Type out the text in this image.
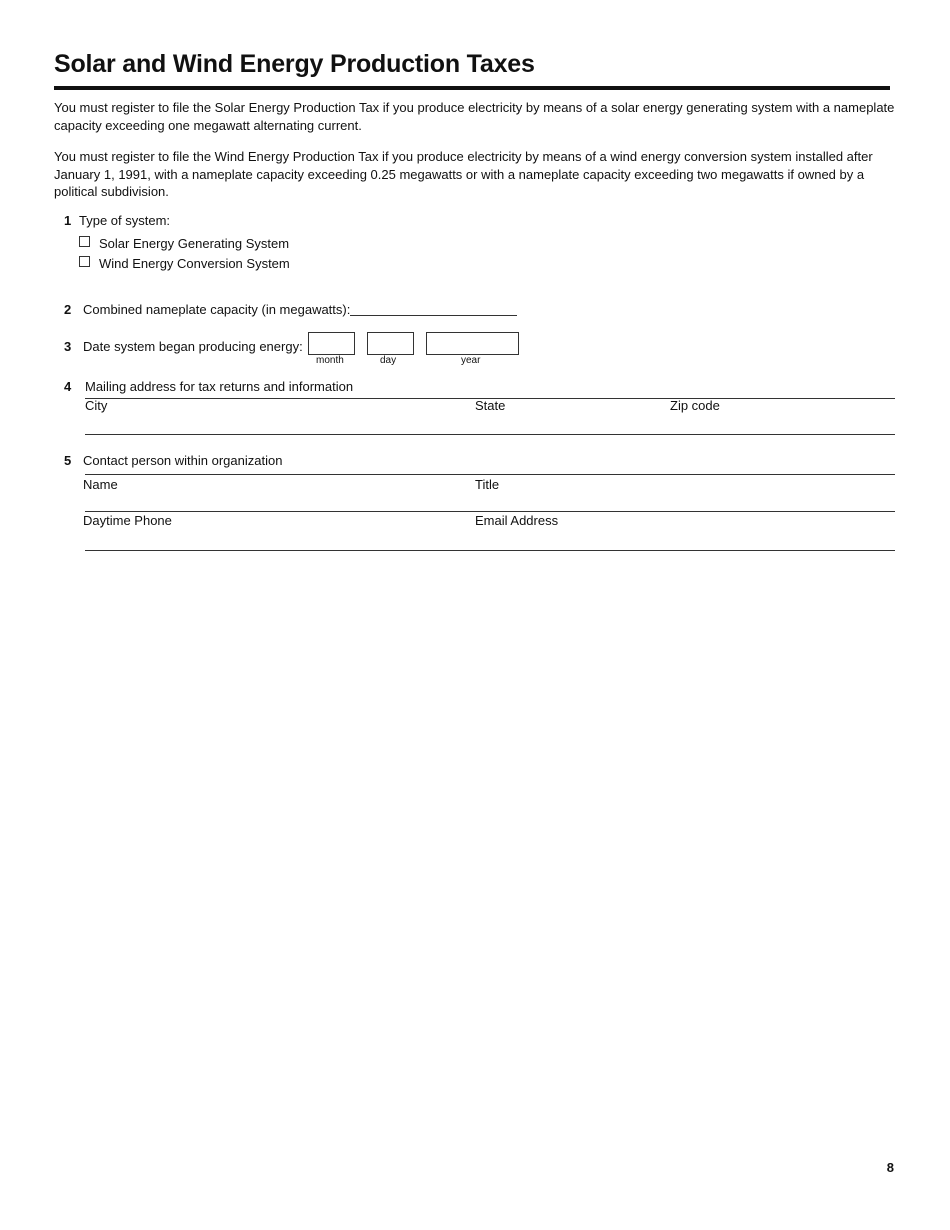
Solar and Wind Energy Production Taxes

You must register to file the Solar Energy Production Tax if you produce electricity by means of a solar energy generating system with a nameplate capacity exceeding one megawatt alternating current.

You must register to file the Wind Energy Production Tax if you produce electricity by means of a wind energy conversion system installed after January 1, 1991, with a nameplate capacity exceeding 0.25 megawatts or with a nameplate capacity exceeding two megawatts if owned by a political subdivision.

1 Type of system:
Solar Energy Generating System
Wind Energy Conversion System
2 Combined nameplate capacity (in megawatts):
3 Date system began producing energy:
month	day	year
4 Mailing address for tax returns and information
City	State	Zip code
5 Contact person within organization
Name	Title
Daytime Phone	Email Address
8
